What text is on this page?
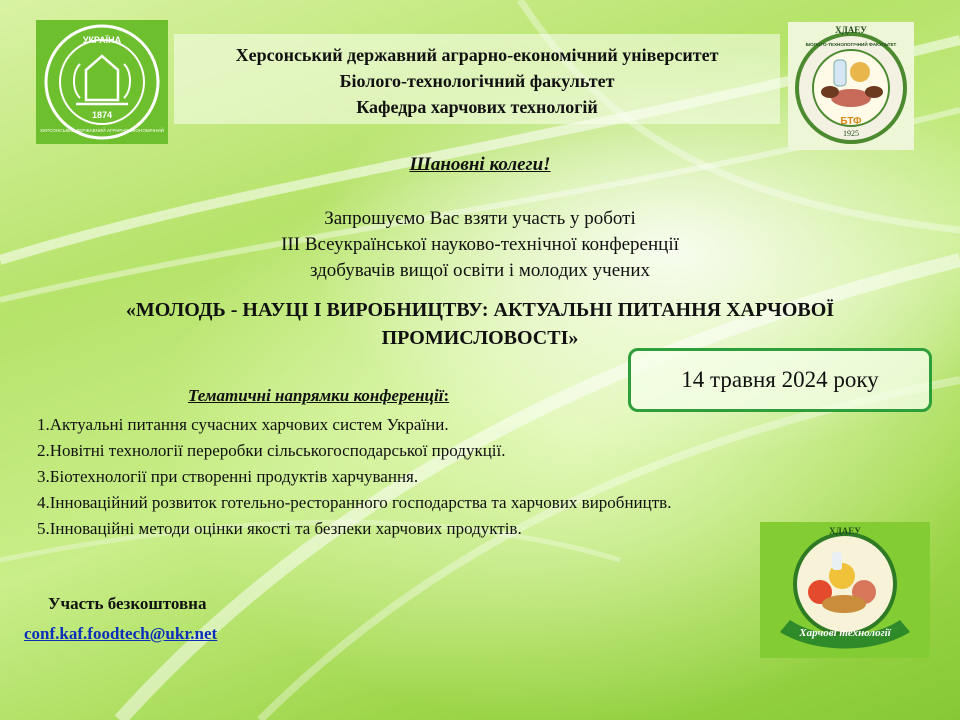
УКРАЇНА
1874
ХЕРСОНСЬКИЙ ДЕРЖАВНИЙ АГРАРНО-ЕКОНОМІЧНИЙ
Херсонський державний аграрно-економічний університет
Біолого-технологічний факультет
Кафедра харчових технологій
ХДАЕУ
БІОЛОГО-ТЕХНОЛОГІЧНИЙ ФАКУЛЬТЕТ
БТФ
1925
Шановні колеги!
Запрошуємо Вас взяти участь у роботі
ІІІ Всеукраїнської науково-технічної конференції
здобувачів вищої освіти і молодих учених
«МОЛОДЬ - НАУЦІ І ВИРОБНИЦТВУ: АКТУАЛЬНІ ПИТАННЯ ХАРЧОВОЇ
ПРОМИСЛОВОСТІ»
14 травня 2024 року
Тематичні напрямки конференції:
1.Актуальні питання сучасних харчових систем України.
2.Новітні технології переробки сільськогосподарської продукції.
3.Біотехнології при створенні продуктів харчування.
4.Інноваційний розвиток готельно-ресторанного господарства та харчових виробництв.
5.Інноваційні методи оцінки якості та безпеки харчових продуктів.
Участь безкоштовна
conf.kaf.foodtech@ukr.net
ХДАЕУ
Харчові технології
